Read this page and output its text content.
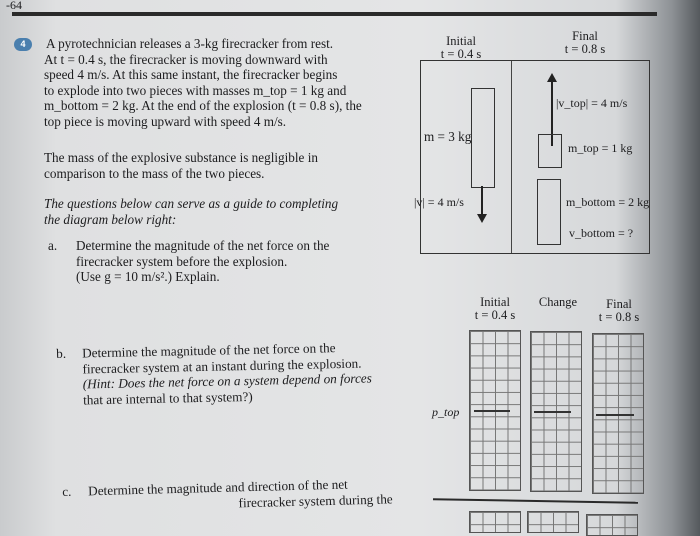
-64
4	A pyrotechnician releases a 3-kg firecracker from rest.
At t = 0.4 s, the firecracker is moving downward with
speed 4 m/s. At this same instant, the firecracker begins
to explode into two pieces with masses m_top = 1 kg and
m_bottom = 2 kg. At the end of the explosion (t = 0.8 s), the
top piece is moving upward with speed 4 m/s.
The mass of the explosive substance is negligible in
comparison to the mass of the two pieces.
The questions below can serve as a guide to completing
the diagram below right:
a. Determine the magnitude of the net force on the
firecracker system before the explosion.
(Use g = 10 m/s².) Explain.
b. Determine the magnitude of the net force on the
firecracker system at an instant during the explosion.
(Hint: Does the net force on a system depend on forces
that are internal to that system?)
c. Determine the magnitude and direction of the net
firecracker system during the
Initial
t = 0.4 s
Final
t = 0.8 s
m = 3 kg
|v| = 4 m/s
|v_top| = 4 m/s
m_top = 1 kg
m_bottom = 2 kg
v_bottom = ?
Initial
t = 0.4 s
Change	Final
t = 0.8 s
p_top
